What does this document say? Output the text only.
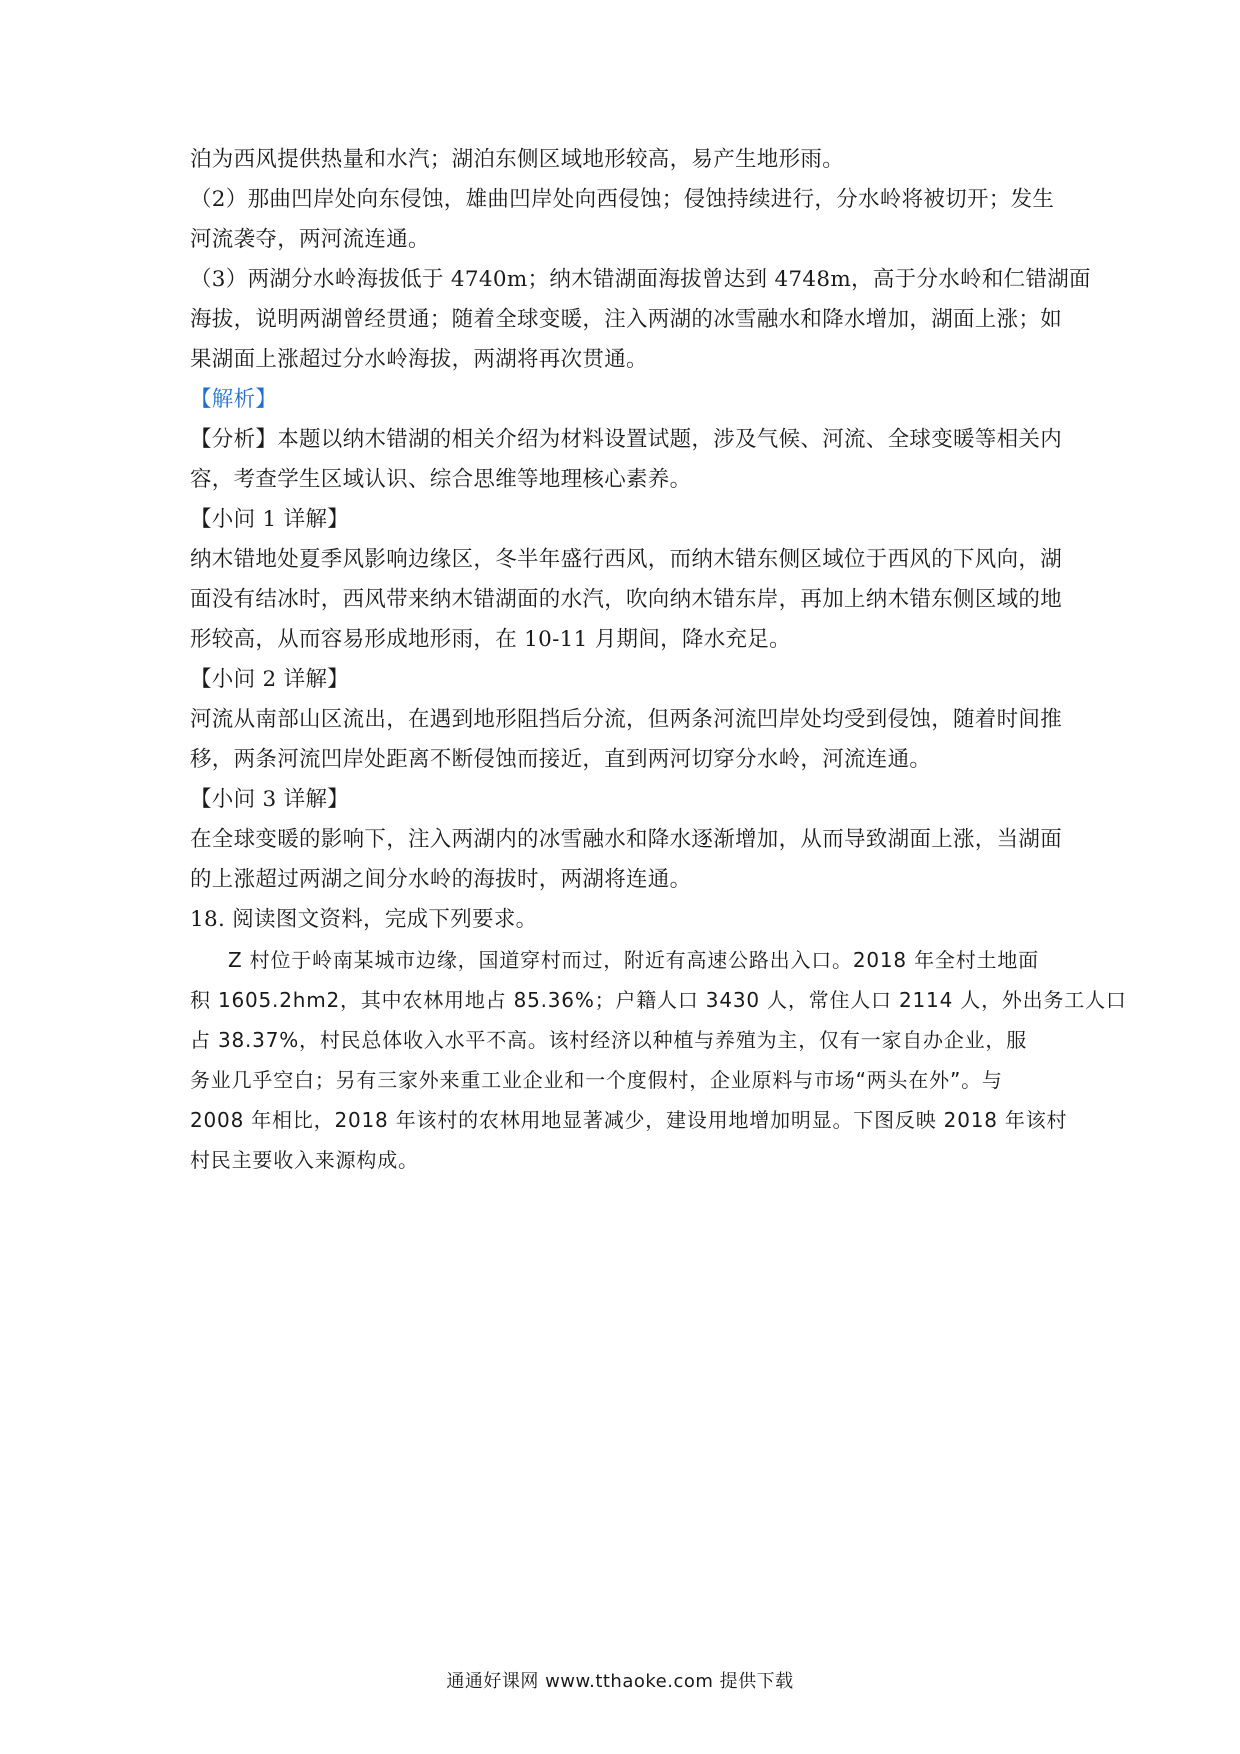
泊为西风提供热量和水汽；湖泊东侧区域地形较高，易产生地形雨。
（2）那曲凹岸处向东侵蚀，雄曲凹岸处向西侵蚀；侵蚀持续进行，分水岭将被切开；发生
河流袭夺，两河流连通。
（3）两湖分水岭海拔低于 4740m；纳木错湖面海拔曾达到 4748m，高于分水岭和仁错湖面
海拔，说明两湖曾经贯通；随着全球变暖，注入两湖的冰雪融水和降水增加，湖面上涨；如
果湖面上涨超过分水岭海拔，两湖将再次贯通。
【解析】
【分析】本题以纳木错湖的相关介绍为材料设置试题，涉及气候、河流、全球变暖等相关内
容，考查学生区域认识、综合思维等地理核心素养。
【小问 1 详解】
纳木错地处夏季风影响边缘区，冬半年盛行西风，而纳木错东侧区域位于西风的下风向，湖
面没有结冰时，西风带来纳木错湖面的水汽，吹向纳木错东岸，再加上纳木错东侧区域的地
形较高，从而容易形成地形雨，在 10-11 月期间，降水充足。
【小问 2 详解】
河流从南部山区流出，在遇到地形阻挡后分流，但两条河流凹岸处均受到侵蚀，随着时间推
移，两条河流凹岸处距离不断侵蚀而接近，直到两河切穿分水岭，河流连通。
【小问 3 详解】
在全球变暖的影响下，注入两湖内的冰雪融水和降水逐渐增加，从而导致湖面上涨，当湖面
的上涨超过两湖之间分水岭的海拔时，两湖将连通。
18. 阅读图文资料，完成下列要求。
Z 村位于岭南某城市边缘，国道穿村而过，附近有高速公路出入口。2018 年全村土地面
积 1605.2hm2，其中农林用地占 85.36%；户籍人口 3430 人，常住人口 2114 人，外出务工人口
占 38.37%，村民总体收入水平不高。该村经济以种植与养殖为主，仅有一家自办企业，服
务业几乎空白；另有三家外来重工业企业和一个度假村，企业原料与市场“两头在外”。与
2008 年相比，2018 年该村的农林用地显著减少，建设用地增加明显。下图反映 2018 年该村
村民主要收入来源构成。
通通好课网 www.tthaoke.com 提供下载
